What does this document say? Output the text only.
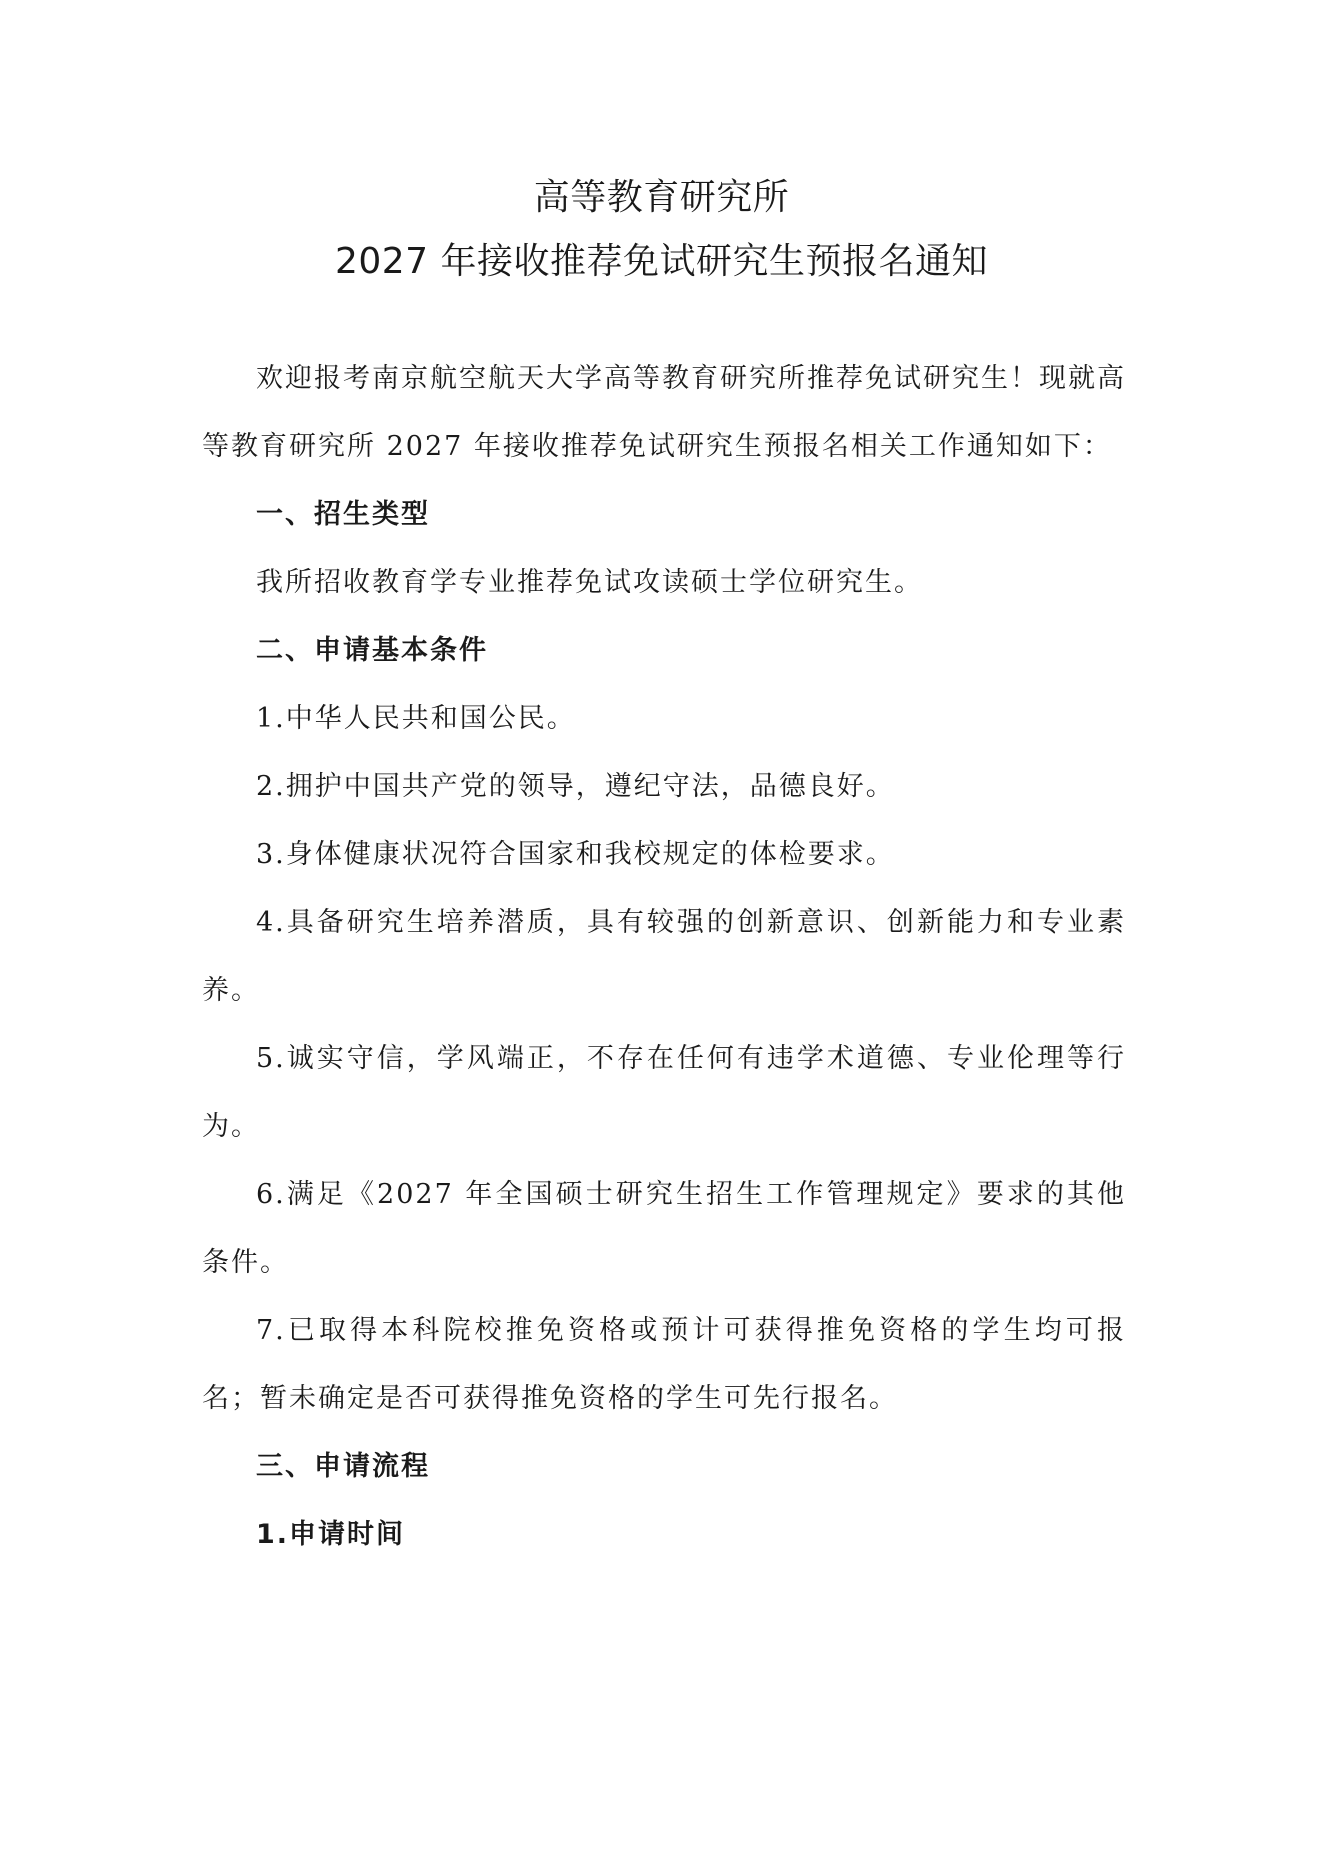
高等教育研究所
2027 年接收推荐免试研究生预报名通知

欢迎报考南京航空航天大学高等教育研究所推荐免试研究生！现就高等教育研究所 2027 年接收推荐免试研究生预报名相关工作通知如下：

一、招生类型

我所招收教育学专业推荐免试攻读硕士学位研究生。

二、申请基本条件

1.中华人民共和国公民。

2.拥护中国共产党的领导，遵纪守法，品德良好。

3.身体健康状况符合国家和我校规定的体检要求。

4.具备研究生培养潜质，具有较强的创新意识、创新能力和专业素养。

5.诚实守信，学风端正，不存在任何有违学术道德、专业伦理等行为。

6.满足《2027 年全国硕士研究生招生工作管理规定》要求的其他条件。

7.已取得本科院校推免资格或预计可获得推免资格的学生均可报名；暂未确定是否可获得推免资格的学生可先行报名。

三、申请流程

1.申请时间
